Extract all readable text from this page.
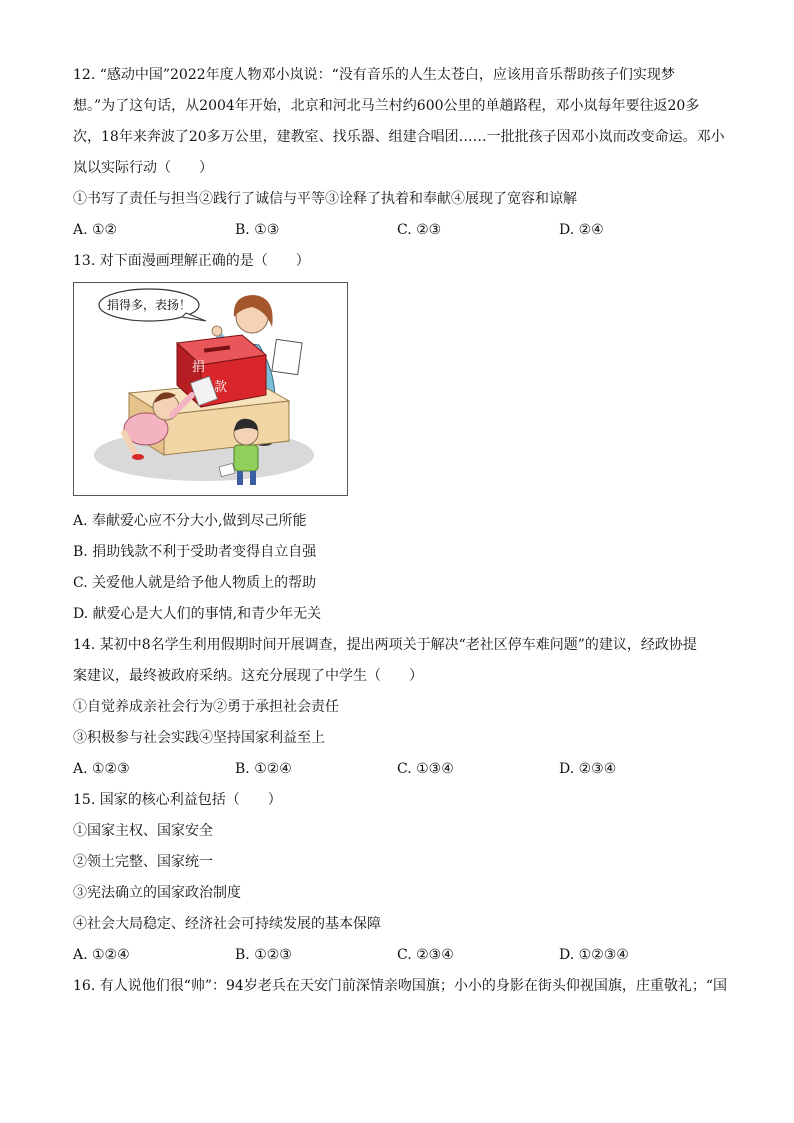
12. “感动中国”2022年度人物邓小岚说：“没有音乐的人生太苍白，应该用音乐帮助孩子们实现梦
想。”为了这句话，从2004年开始，北京和河北马兰村约600公里的单趟路程，邓小岚每年要往返20多
次，18年来奔波了20多万公里，建教室、找乐器、组建合唱团……一批批孩子因邓小岚而改变命运。邓小
岚以实际行动（　　）
①书写了责任与担当②践行了诚信与平等③诠释了执着和奉献④展现了宽容和谅解
A. ①②	B. ①③	C. ②③	D. ②④
13. 对下面漫画理解正确的是（　　）
捐得多，表扬！
捐
款
A. 奉献爱心应不分大小,做到尽己所能
B. 捐助钱款不利于受助者变得自立自强
C. 关爱他人就是给予他人物质上的帮助
D. 献爱心是大人们的事情,和青少年无关
14. 某初中8名学生利用假期时间开展调查，提出两项关于解决“老社区停车难问题”的建议，经政协提
案建议，最终被政府采纳。这充分展现了中学生（　　）
①自觉养成亲社会行为②勇于承担社会责任
③积极参与社会实践④坚持国家利益至上
A. ①②③	B. ①②④	C. ①③④	D. ②③④
15. 国家的核心利益包括（　　）
①国家主权、国家安全
②领土完整、国家统一
③宪法确立的国家政治制度
④社会大局稳定、经济社会可持续发展的基本保障
A. ①②④	B. ①②③	C. ②③④	D. ①②③④
16. 有人说他们很“帅”：94岁老兵在天安门前深情亲吻国旗；小小的身影在街头仰视国旗，庄重敬礼；“国
